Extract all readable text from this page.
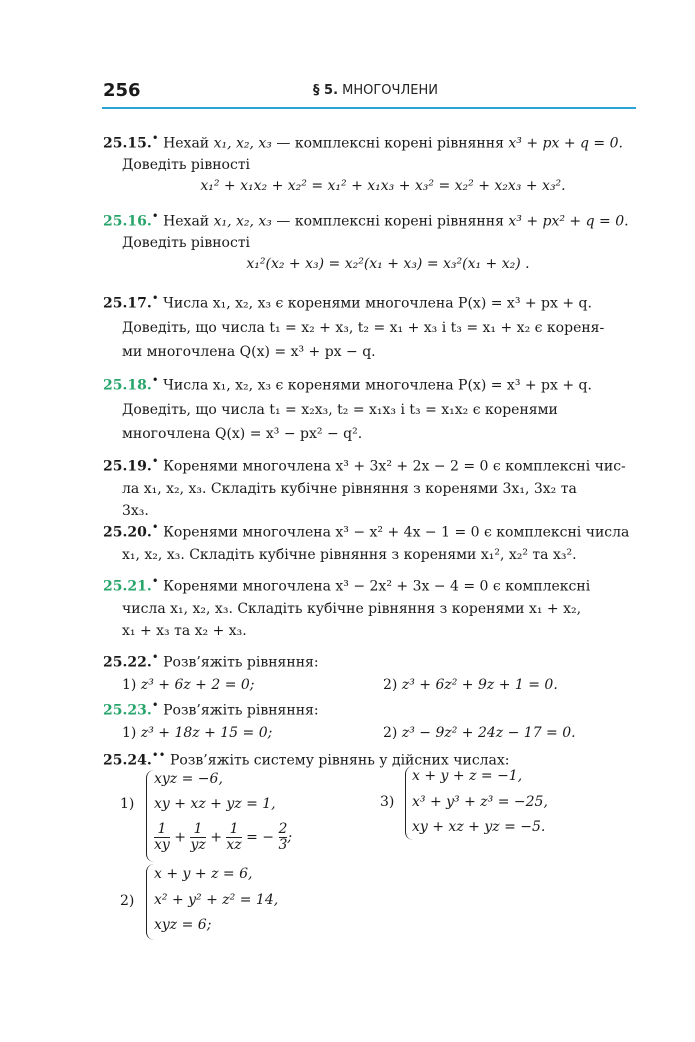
256	§ 5. МНОГОЧЛЕНИ
25.15.• Нехай x₁, x₂, x₃ — комплексні корені рівняння x³ + px + q = 0.
Доведіть рівності
x₁² + x₁x₂ + x₂² = x₁² + x₁x₃ + x₃² = x₂² + x₂x₃ + x₃².
25.16.• Нехай x₁, x₂, x₃ — комплексні корені рівняння x³ + px² + q = 0.
Доведіть рівності
x₁²(x₂ + x₃) = x₂²(x₁ + x₃) = x₃²(x₁ + x₂) .
25.17.• Числа x₁, x₂, x₃ є коренями многочлена P(x) = x³ + px + q.
Доведіть, що числа t₁ = x₂ + x₃, t₂ = x₁ + x₃ і t₃ = x₁ + x₂ є кореня-
ми многочлена Q(x) = x³ + px − q.
25.18.• Числа x₁, x₂, x₃ є коренями многочлена P(x) = x³ + px + q.
Доведіть, що числа t₁ = x₂x₃, t₂ = x₁x₃ і t₃ = x₁x₂ є коренями
многочлена Q(x) = x³ − px² − q².
25.19.• Коренями многочлена x³ + 3x² + 2x − 2 = 0 є комплексні чис-
ла x₁, x₂, x₃. Складіть кубічне рівняння з коренями 3x₁, 3x₂ та
3x₃.
25.20.• Коренями многочлена x³ − x² + 4x − 1 = 0 є комплексні числа
x₁, x₂, x₃. Складіть кубічне рівняння з коренями x₁², x₂² та x₃².
25.21.• Коренями многочлена x³ − 2x² + 3x − 4 = 0 є комплексні
числа x₁, x₂, x₃. Складіть кубічне рівняння з коренями x₁ + x₂,
x₁ + x₃ та x₂ + x₃.
25.22.• Розв’яжіть рівняння:
1) z³ + 6z + 2 = 0;	2) z³ + 6z² + 9z + 1 = 0.
25.23.• Розв’яжіть рівняння:
1) z³ + 18z + 15 = 0;	2) z³ − 9z² + 24z − 17 = 0.
25.24.•• Розв’яжіть систему рівнянь у дійсних числах:
1)
xyz = −6,
xy + xz + yz = 1,
$\frac{1}{xy} + \frac{1}{yz} + \frac{1}{xz}$ = − $\frac{2}{3}$ ;
3)
x + y + z = −1,
x³ + y³ + z³ = −25,
xy + xz + yz = −5.
2)
x + y + z = 6,
x² + y² + z² = 14,
xyz = 6;
